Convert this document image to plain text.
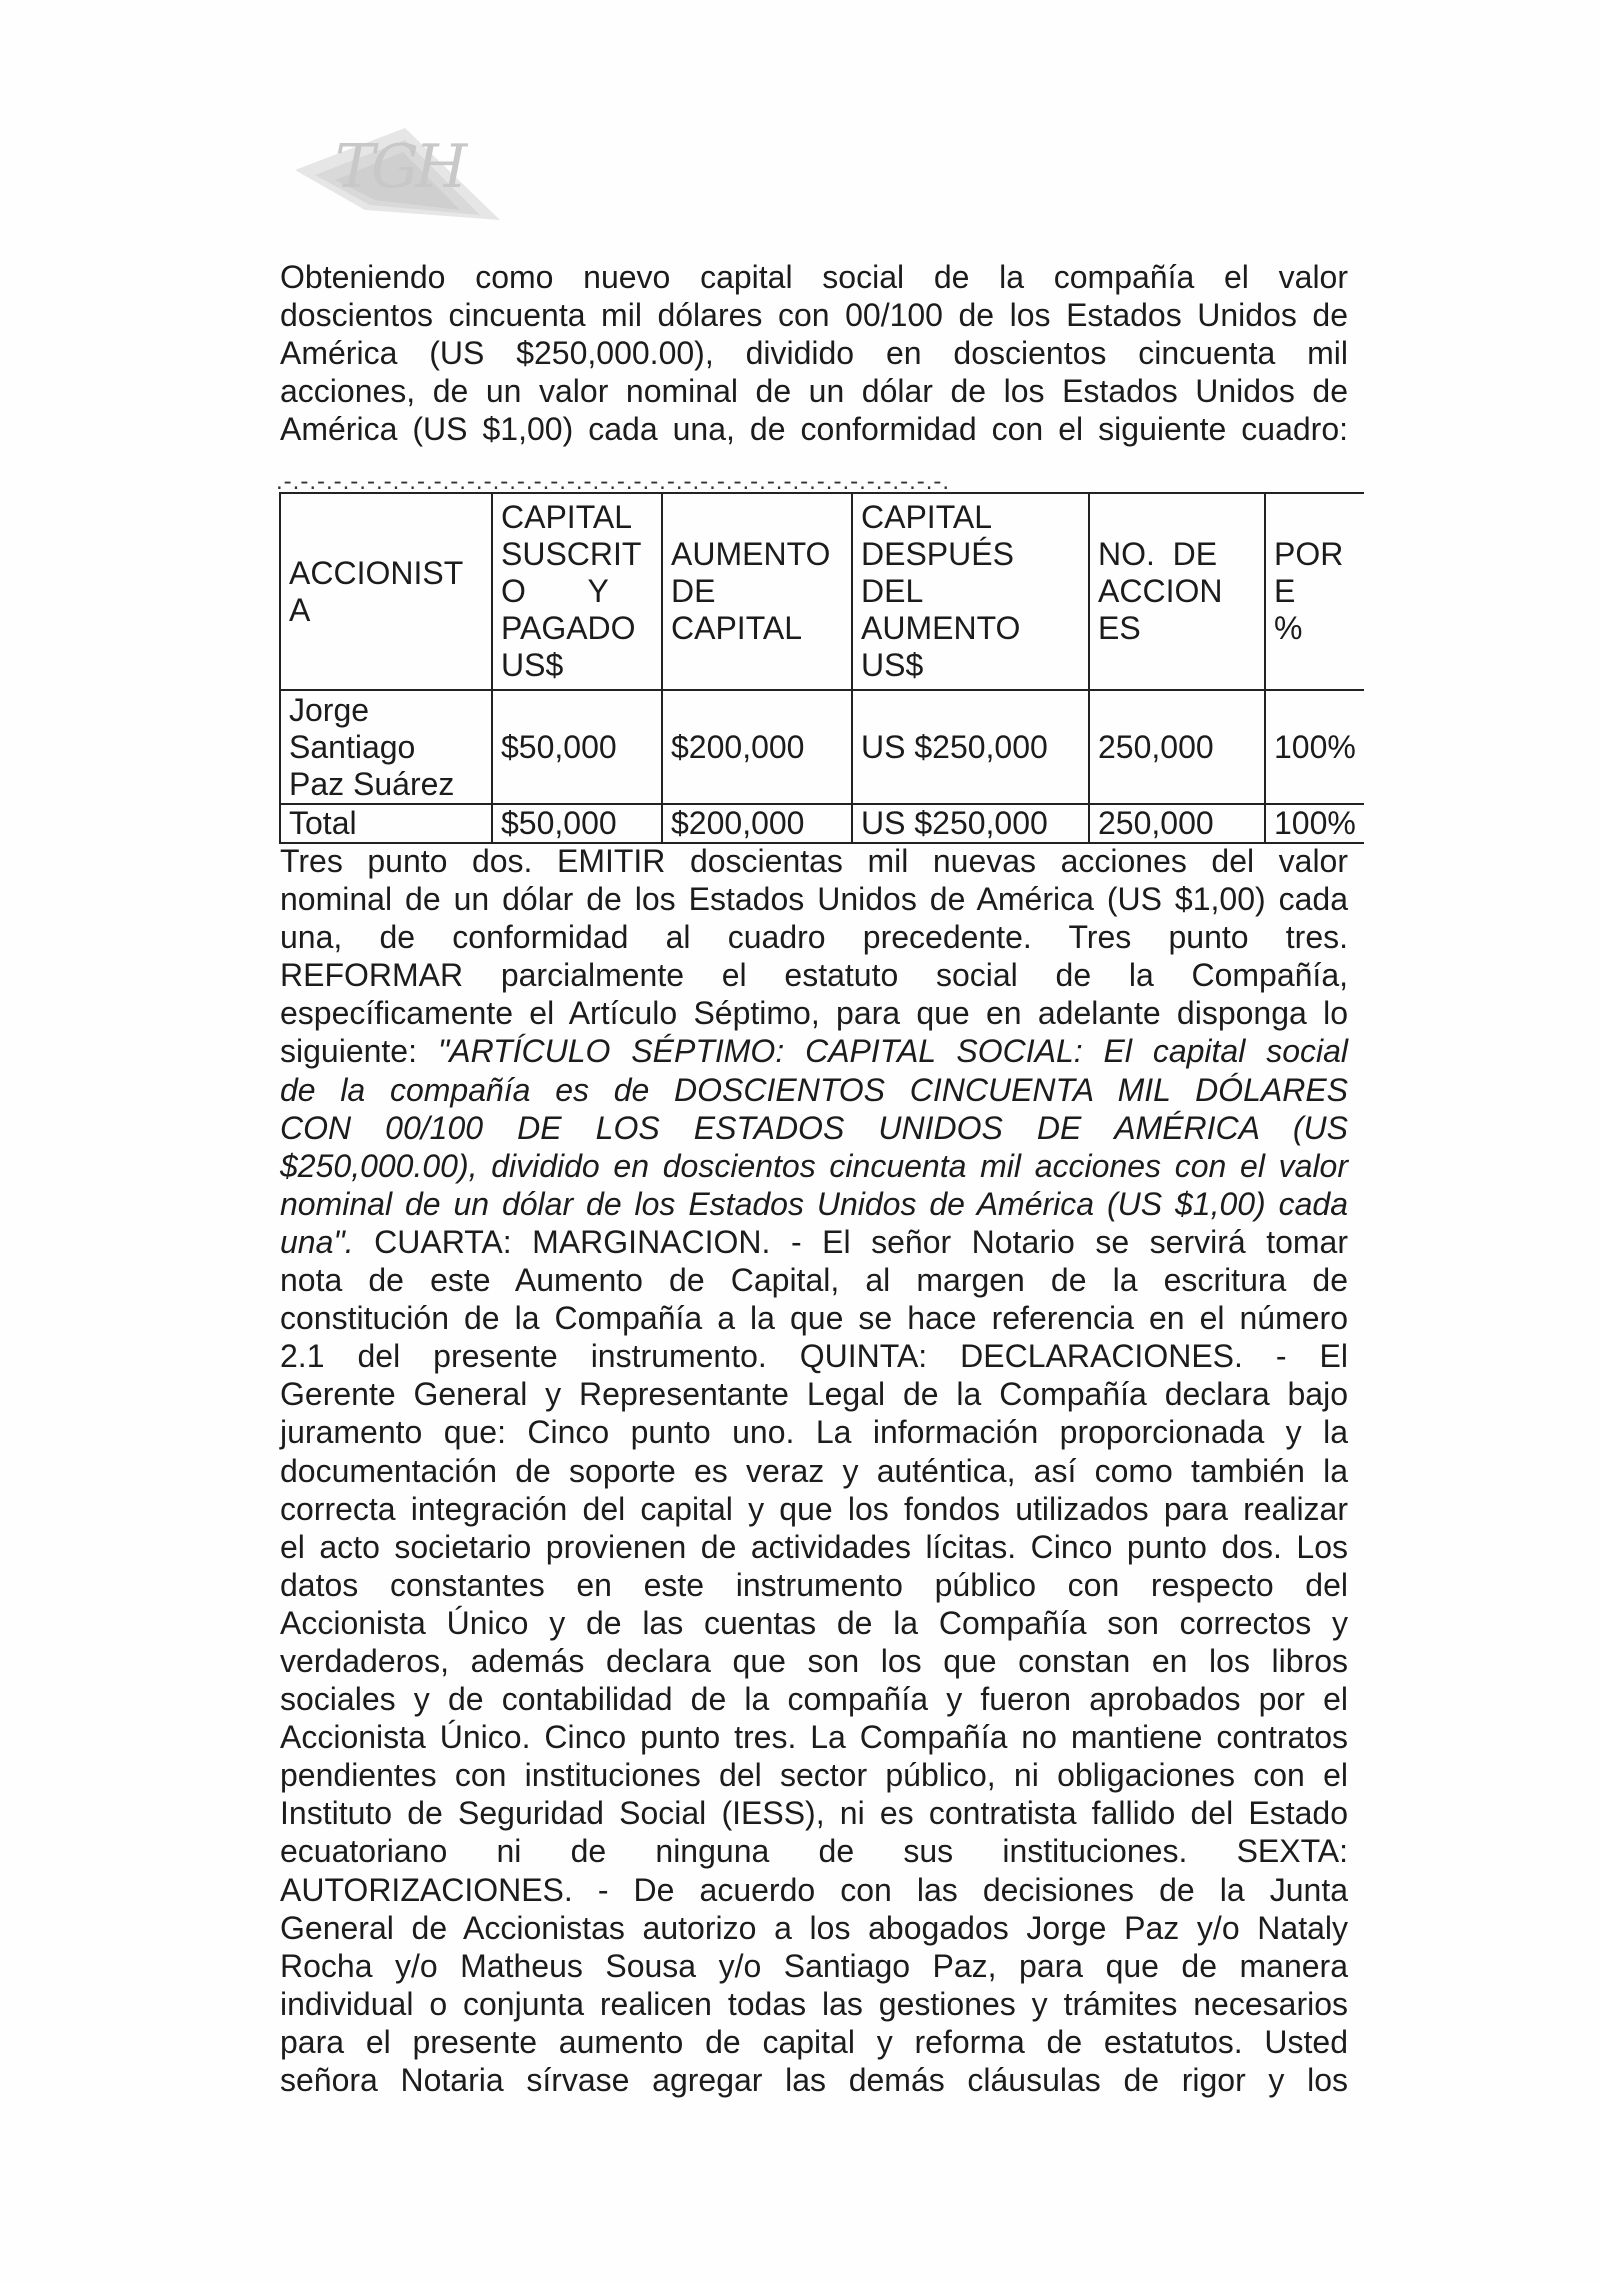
TGH

Obteniendo como nuevo capital social de la compañía el valor

doscientos cincuenta mil dólares con 00/100 de los Estados Unidos de

América (US $250,000.00), dividido en doscientos cincuenta mil

acciones, de un valor nominal de un dólar de los Estados Unidos de

América (US $1,00) cada una, de conformidad con el siguiente cuadro:

.-.-.-.-.-.-.-.-.-.-.-.-.-.-.-.-.-.-.-.-.-.-.-.-.-.-.-.-.-.-.-.-.-.-.-.-.-.-.-.-.
ACCIONIST
A	CAPITAL
SUSCRIT
O       Y
PAGADO
US$	AUMENTO
DE
CAPITAL	CAPITAL
DESPUÉS
DEL
AUMENTO
US$	NO.  DE
ACCION
ES	POR
E
%

Jorge
Santiago
Paz Suárez	$50,000	$200,000	US $250,000	250,000	100%
Total	$50,000	$200,000	US $250,000	250,000	100%
Tres punto dos. EMITIR doscientas mil nuevas acciones del valor
nominal de un dólar de los Estados Unidos de América (US $1,00) cada
una, de conformidad al cuadro precedente. Tres punto tres.
REFORMAR parcialmente el estatuto social de la Compañía,
específicamente el Artículo Séptimo, para que en adelante disponga lo
siguiente: "ARTÍCULO SÉPTIMO: CAPITAL SOCIAL: El capital social
de la compañía es de DOSCIENTOS CINCUENTA MIL DÓLARES
CON 00/100 DE LOS ESTADOS UNIDOS DE AMÉRICA (US
$250,000.00), dividido en doscientos cincuenta mil acciones con el valor
nominal de un dólar de los Estados Unidos de América (US $1,00) cada
una". CUARTA: MARGINACION. - El señor Notario se servirá tomar
nota de este Aumento de Capital, al margen de la escritura de
constitución de la Compañía a la que se hace referencia en el número
2.1 del presente instrumento. QUINTA: DECLARACIONES. - El
Gerente General y Representante Legal de la Compañía declara bajo
juramento que: Cinco punto uno. La información proporcionada y la
documentación de soporte es veraz y auténtica, así como también la
correcta integración del capital y que los fondos utilizados para realizar
el acto societario provienen de actividades lícitas. Cinco punto dos. Los
datos constantes en este instrumento público con respecto del
Accionista Único y de las cuentas de la Compañía son correctos y
verdaderos, además declara que son los que constan en los libros
sociales y de contabilidad de la compañía y fueron aprobados por el
Accionista Único. Cinco punto tres. La Compañía no mantiene contratos
pendientes con instituciones del sector público, ni obligaciones con el
Instituto de Seguridad Social (IESS), ni es contratista fallido del Estado
ecuatoriano ni de ninguna de sus instituciones. SEXTA:
AUTORIZACIONES. - De acuerdo con las decisiones de la Junta
General de Accionistas autorizo a los abogados Jorge Paz y/o Nataly
Rocha y/o Matheus Sousa y/o Santiago Paz, para que de manera
individual o conjunta realicen todas las gestiones y trámites necesarios
para el presente aumento de capital y reforma de estatutos. Usted
señora Notaria sírvase agregar las demás cláusulas de rigor y los
